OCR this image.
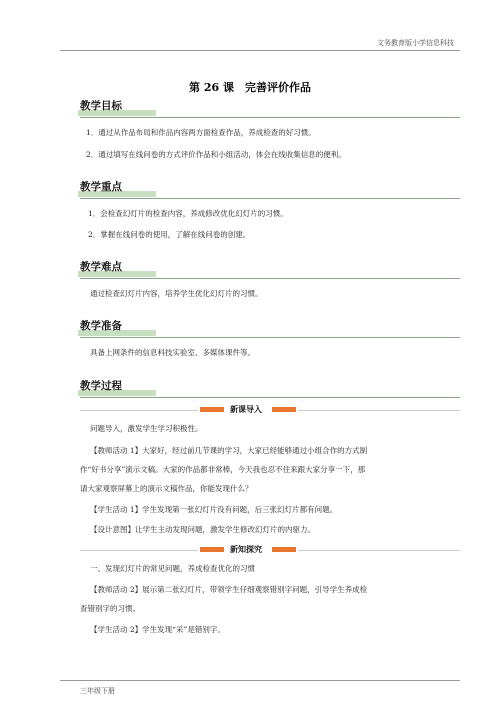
文务教育版小学信息科技
第 26 课　完善评价作品
教学目标
1．通过从作品布局和作品内容两方面检查作品，养成检查的好习惯。
2．通过填写在线问卷的方式评价作品和小组活动，体会在线收集信息的便利。
教学重点
1．会检查幻灯片的检查内容，养成修改优化幻灯片的习惯。
2．掌握在线问卷的使用，了解在线问卷的创建。
教学难点
通过检查幻灯片内容，培养学生优化幻灯片的习惯。
教学准备
具备上网条件的信息科技实验室、多媒体课件等。
教学过程
新课导入
问题导入，激发学生学习积极性。
【教师活动 1】大家好，经过前几节课的学习，大家已经能够通过小组合作的方式制
作“好书分享”演示文稿。大家的作品都非常棒，今天我也忍不住来跟大家分享一下，那
请大家观察屏幕上的演示文稿作品，你能发现什么？
【学生活动 1】学生发现第一张幻灯片没有问题，后三张幻灯片都有问题。
【设计意图】让学生主动发现问题，激发学生修改幻灯片的内驱力。
新知探究
一、发现幻灯片的常见问题，养成检查优化的习惯
【教师活动 2】展示第二张幻灯片，带领学生仔细观察错别字问题，引导学生养成检
查错别字的习惯。
【学生活动 2】学生发现“采”是错别字。
三年级下册
